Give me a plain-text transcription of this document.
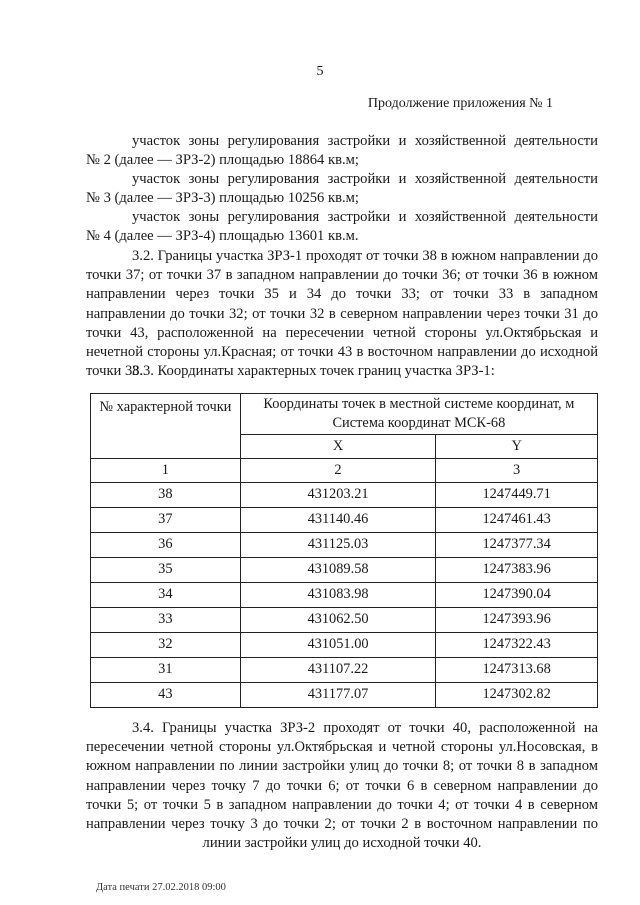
5
Продолжение приложения № 1

участок зоны регулирования застройки и хозяйственной деятельности

№ 2 (далее — ЗРЗ-2) площадью 18864 кв.м;

участок зоны регулирования застройки и хозяйственной деятельности

№ 3 (далее — ЗРЗ-3) площадью 10256 кв.м;

участок зоны регулирования застройки и хозяйственной деятельности

№ 4 (далее — ЗРЗ-4) площадью 13601 кв.м.

3.2. Границы участка ЗРЗ-1 проходят от точки 38 в южном направлении до точки 37; от точки 37 в западном направлении до точки 36; от точки 36 в южном направлении через точки 35 и 34 до точки 33; от точки 33 в западном направлении до точки 32; от точки 32 в северном направлении через точки 31 до точки 43, расположенной на пересечении четной стороны ул.Октябрьская и нечетной стороны ул.Красная; от точки 43 в восточном направлении до исходной точки 38.

3.3. Координаты характерных точек границ участка ЗРЗ-1:

№ характерной точки	Координаты точек в местной системе координат, м
Система координат МСК-68	

	X	Y
1	2	3
38	431203.21	1247449.71
37	431140.46	1247461.43
36	431125.03	1247377.34
35	431089.58	1247383.96
34	431083.98	1247390.04
33	431062.50	1247393.96
32	431051.00	1247322.43
31	431107.22	1247313.68
43	431177.07	1247302.82

3.4. Границы участка ЗРЗ-2 проходят от точки 40, расположенной на пересечении четной стороны ул.Октябрьская и четной стороны ул.Носовская, в южном направлении по линии застройки улиц до точки 8; от точки 8 в западном направлении через точку 7 до точки 6; от точки 6 в северном направлении до точки 5; от точки 5 в западном направлении до точки 4; от точки 4 в северном направлении через точку 3 до точки 2; от точки 2 в восточном направлении по линии застройки улиц до исходной точки 40.

Дата печати 27.02.2018 09:00
